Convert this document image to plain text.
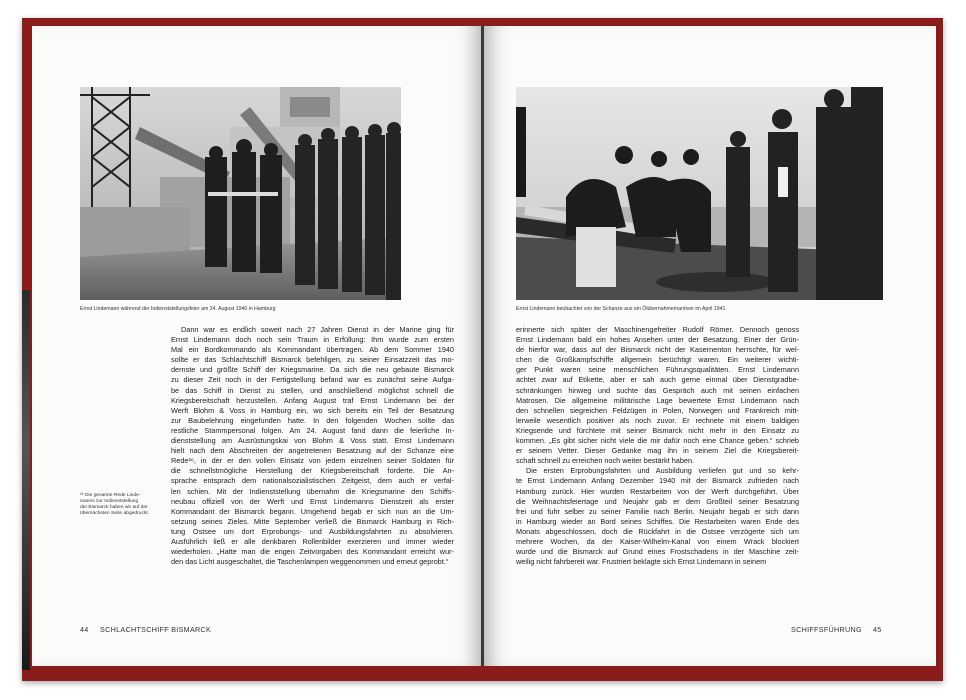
Ernst Lindemann während der Indienststellungsfeier am 24. August 1940 in Hamburg
²⁶ Die gesamte Rede Linde-
manns zur Indienststellung
der Bismarck haben wir auf der
übernächsten Seite abgedruckt.
Dann war es endlich soweit nach 27 Jahren Dienst in der Marine ging für
Ernst Lindemann doch noch sein Traum in Erfüllung: Ihm wurde zum ersten
Mal ein Bordkommando als Kommandant übertragen. Ab dem Sommer 1940
sollte er das Schlachtschiff Bismarck befehligen, zu seiner Einsatzzeit das mo-
dernste und größte Schiff der Kriegsmarine. Da sich die neu gebaute Bismarck
zu dieser Zeit noch in der Fertigstellung befand war es zunächst seine Aufga-
be das Schiff in Dienst zu stellen, und anschließend möglichst schnell die
Kriegsbereitschaft herzustellen. Anfang August traf Ernst Lindemann bei der
Werft Blohm & Voss in Hamburg ein, wo sich bereits ein Teil der Besatzung
zur Baubelehrung eingefunden hatte. In den folgenden Wochen sollte das
restliche Stammpersonal folgen. Am 24. August fand dann die feierliche In-
dienststellung am Ausrüstungskai von Blohm & Voss statt. Ernst Lindemann
hielt nach dem Abschreiten der angetretenen Besatzung auf der Schanze eine
Rede²⁶, in der er den vollen Einsatz von jedem einzelnen seiner Soldaten für
die schnellstmögliche Herstellung der Kriegsbereitschaft forderte. Die An-
sprache entsprach dem nationalsozialistischen Zeitgeist, dem auch er verfal-
len schien. Mit der Indienststellung übernahm die Kriegsmarine den Schiffs-
neubau offiziell von der Werft und Ernst Lindemanns Dienstzeit als erster
Kommandant der Bismarck begann. Umgehend begab er sich nun an die Um-
setzung seines Zieles. Mitte September verließ die Bismarck Hamburg in Rich-
tung Ostsee um dort Erprobungs- und Ausbildungsfahrten zu absolvieren.
Ausführlich ließ er alle denkbaren Rollenbilder exerzieren und immer wieder
wiederholen. „Hatte man die engen Zeitvorgaben des Kommandant erreicht wur-
den das Licht ausgeschaltet, die Taschenlampen weggenommen und erneut geprobt.“
44 SCHLACHTSCHIFF BISMARCK
Ernst Lindemann beobachtet von der Schanze aus ein Ölübernahmemanöver im April 1941
erinnerte sich später der Maschinengefreiter Rudolf Römer. Dennoch genoss
Ernst Lindemann bald ein hohes Ansehen unter der Besatzung. Einer der Grün-
de hierfür war, dass auf der Bismarck nicht der Kasernenton herrschte, für wel-
chen die Großkampfschiffe allgemein berüchtigt waren. Ein weiterer wichti-
ger Punkt waren seine menschlichen Führungsqualitäten. Ernst Lindemann
achtet zwar auf Etikette, aber er sah auch gerne einmal über Dienstgradbe-
schränkungen hinweg und suchte das Gespräch auch mit seinen einfachen
Matrosen. Die allgemeine militärische Lage bewertete Ernst Lindemann nach
den schnellen siegreichen Feldzügen in Polen, Norwegen und Frankreich mitt-
lerweile wesentlich positiver als noch zuvor. Er rechnete mit einem baldigen
Kriegsende und fürchtete mit seiner Bismarck nicht mehr in den Einsatz zu
kommen. „Es gibt sicher nicht viele die mir dafür noch eine Chance geben.“ schrieb
er seinem Vetter. Dieser Gedanke mag ihn in seinem Ziel die Kriegsbereit-
schaft schnell zu erreichen noch weiter bestärkt haben.
Die ersten Erprobungsfahrten und Ausbildung verliefen gut und so kehr-
te Ernst Lindemann Anfang Dezember 1940 mit der Bismarck zufrieden nach
Hamburg zurück. Hier wurden Restarbeiten von der Werft durchgeführt. Über
die Weihnachtsfeiertage und Neujahr gab er dem Großteil seiner Besatzung
frei und fuhr selber zu seiner Familie nach Berlin. Neujahr begab er sich dann
in Hamburg wieder an Bord seines Schiffes. Die Restarbeiten waren Ende des
Monats abgeschlossen, doch die Rückfahrt in die Ostsee verzögerte sich um
mehrere Wochen, da der Kaiser-Wilhelm-Kanal von einem Wrack blockiert
wurde und die Bismarck auf Grund eines Frostschadens in der Maschine zeit-
weilig nicht fahrbereit war. Frustriert beklagte sich Ernst Lindemann in seinem
SCHIFFSFÜHRUNG 45
